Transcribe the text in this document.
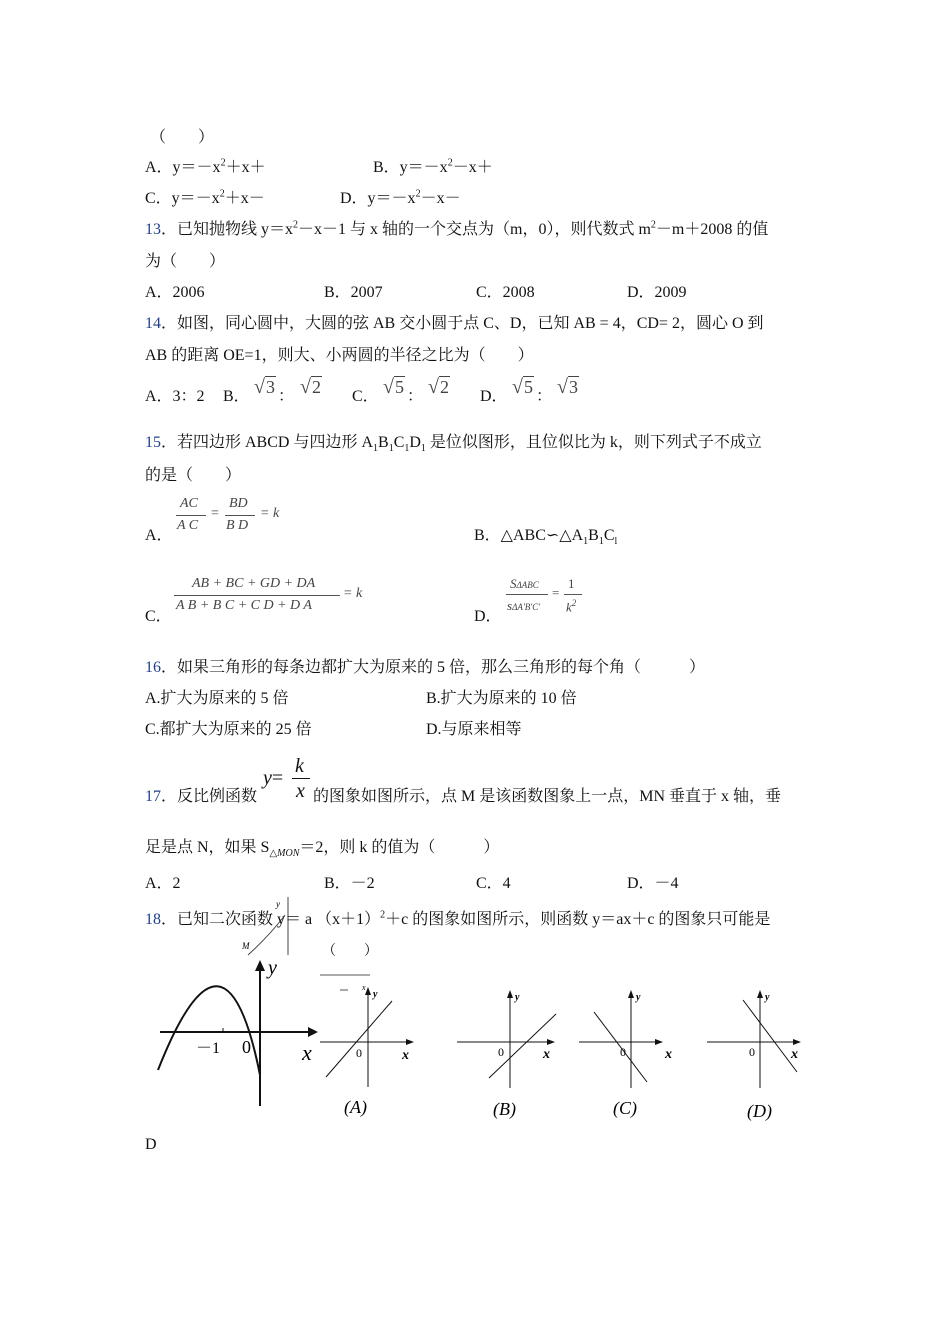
（　　）
A．$y=-x^2+x+$	B．$y=-x^2-x+$
C．$y=-x^2+x-$	D．$y=-x^2-x-$
13．已知抛物线 $y=x^2-x-1$ 与 x 轴的一个交点为（m，0），则代数式 $m^2-m+2008$ 的值
为（　　）
A．2006	B．2007	C．2008	D．2009
14．如图，同心圆中，大圆的弦 AB 交小圆于点 C、D，已知 AB = 4，CD= 2，圆心 O 到
AB 的距离 OE=1，则大、小两圆的半径之比为（　　）
A．3：2 B． √3 ： √2 C． √5 ： √2 D． √5 ： √3
15．若四边形 ABCD 与四边形 $A_1B_1C_1D_1$ 是位似图形，且位似比为 k，则下列式子不成立
的是（　　）
A．
AC
A C
=
BD
B D
= k
B．$\triangle ABC∽\triangle A_1B_1C_l$
C．
AB + BC + GD + DA
A B + B C + C D + D A
= k
D．
SΔABC
sΔA'B'C'
=
1
$k^2$
16．如果三角形的每条边都扩大为原来的 5 倍，那么三角形的每个角（　　　）
A.扩大为原来的 5 倍	B.扩大为原来的 10 倍
C.都扩大为原来的 25 倍	D.与原来相等
17．反比例函数
y=
k
x 的图象如图所示，点 M 是该函数图象上一点，MN 垂直于 x 轴，垂
足是点 N，如果 $S_{\triangle MON}=2$，则 k 的值为（　　　）
A．2	B．－2	C．4	D．－4
y
M
x
18．已知二次函数 y＝ a $(x+1)^2+c$ 的图象如图所示，则函数 y＝ax＋c 的图象只可能是
（　　）
y
x
－1 0
y
x
0
(A)
y
x
0
(B)
y
x
0
(C)
y
x
0
(D)
D
